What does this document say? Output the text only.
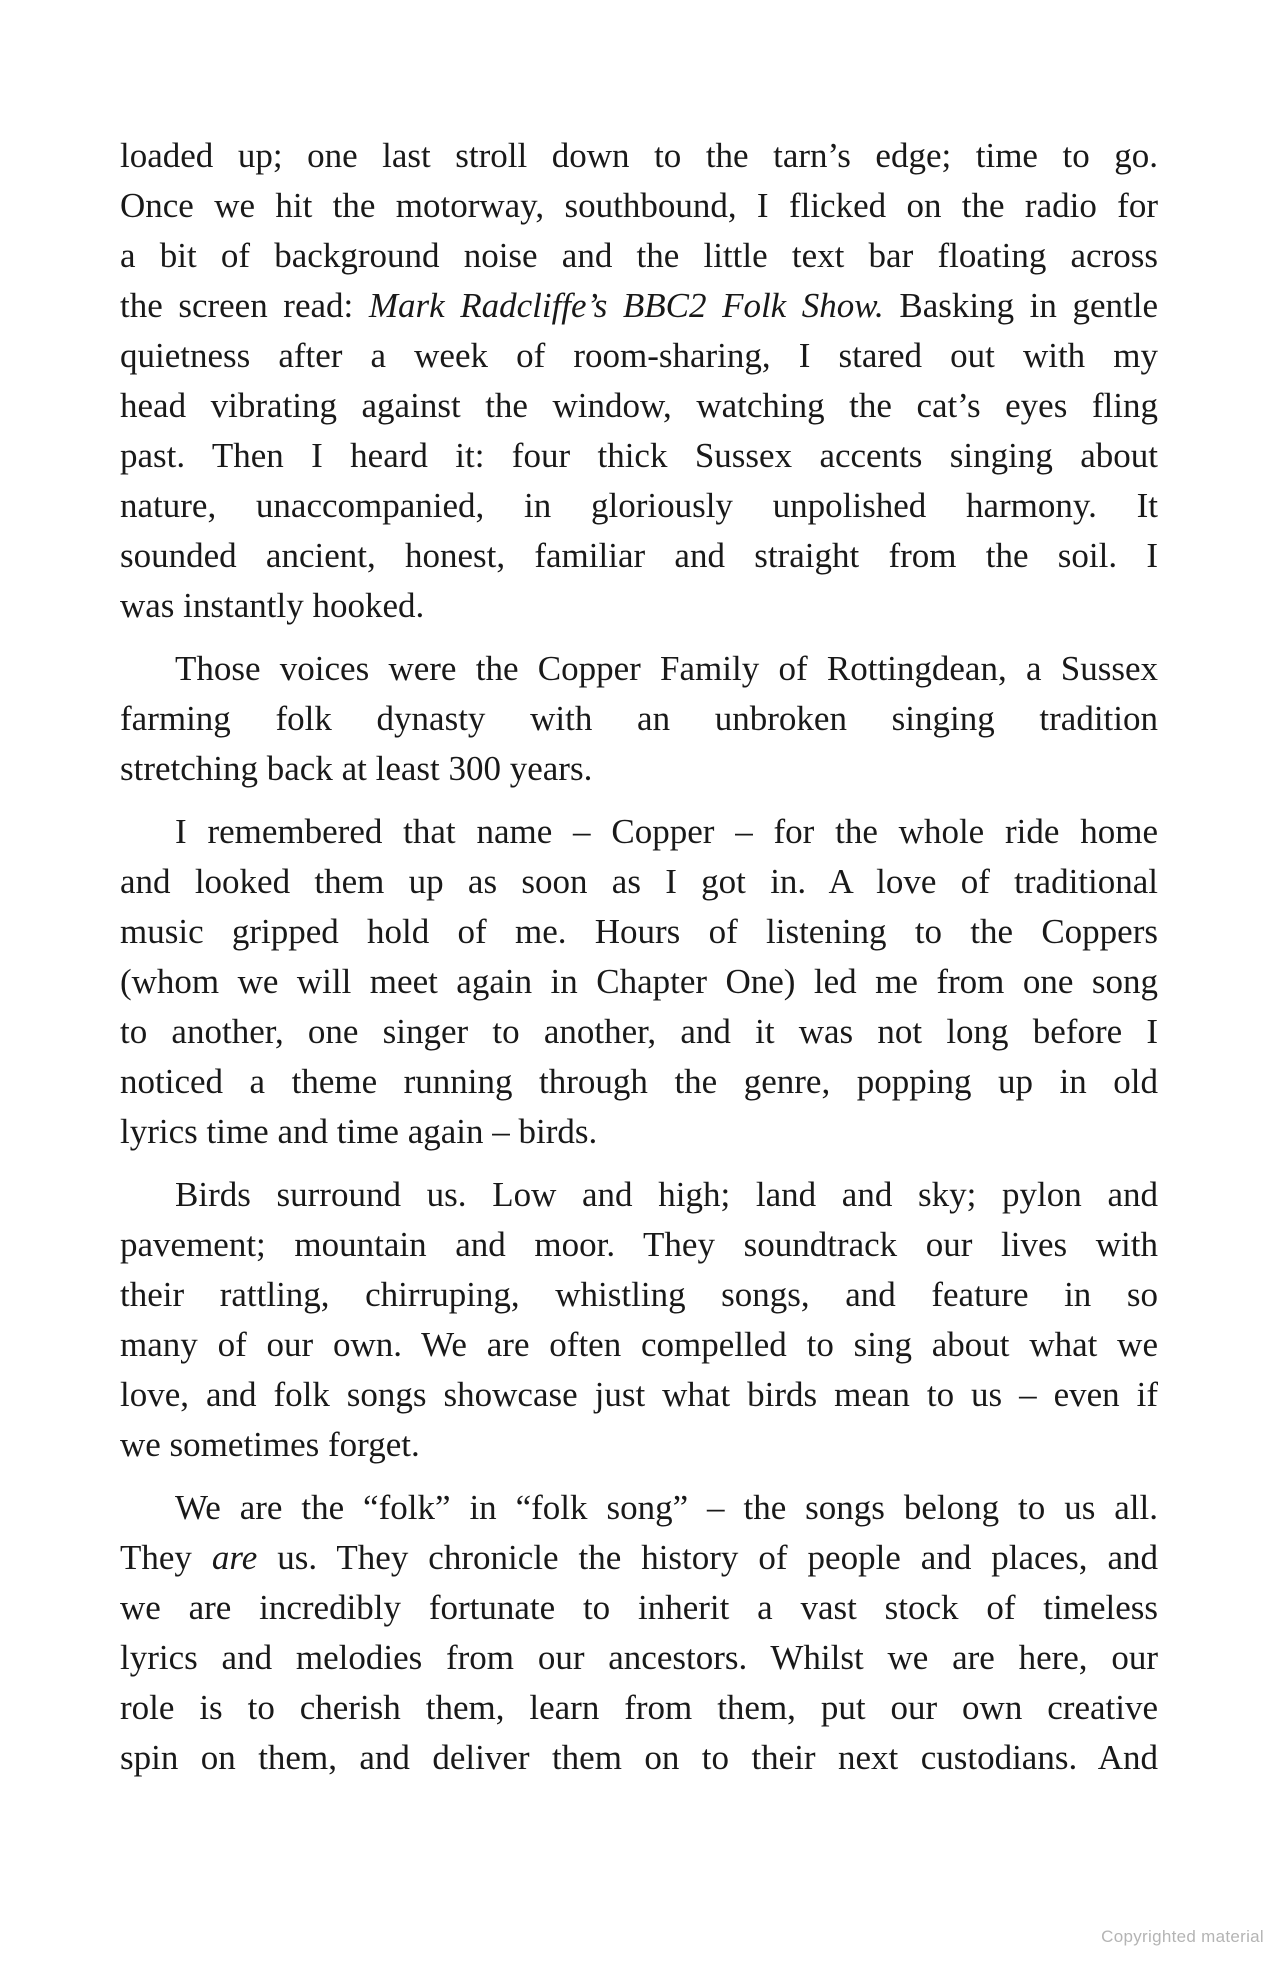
loaded up; one last stroll down to the tarn’s edge; time to go.
Once we hit the motorway, southbound, I flicked on the radio for
a bit of background noise and the little text bar floating across
the screen read: Mark Radcliffe’s BBC2 Folk Show. Basking in gentle
quietness after a week of room-sharing, I stared out with my
head vibrating against the window, watching the cat’s eyes fling
past. Then I heard it: four thick Sussex accents singing about
nature, unaccompanied, in gloriously unpolished harmony. It
sounded ancient, honest, familiar and straight from the soil. I
was instantly hooked.
Those voices were the Copper Family of Rottingdean, a Sussex
farming folk dynasty with an unbroken singing tradition
stretching back at least 300 years.
I remembered that name – Copper – for the whole ride home
and looked them up as soon as I got in. A love of traditional
music gripped hold of me. Hours of listening to the Coppers
(whom we will meet again in Chapter One) led me from one song
to another, one singer to another, and it was not long before I
noticed a theme running through the genre, popping up in old
lyrics time and time again – birds.
Birds surround us. Low and high; land and sky; pylon and
pavement; mountain and moor. They soundtrack our lives with
their rattling, chirruping, whistling songs, and feature in so
many of our own. We are often compelled to sing about what we
love, and folk songs showcase just what birds mean to us – even if
we sometimes forget.
We are the “folk” in “folk song” – the songs belong to us all.
They are us. They chronicle the history of people and places, and
we are incredibly fortunate to inherit a vast stock of timeless
lyrics and melodies from our ancestors. Whilst we are here, our
role is to cherish them, learn from them, put our own creative
spin on them, and deliver them on to their next custodians. And
Copyrighted material
